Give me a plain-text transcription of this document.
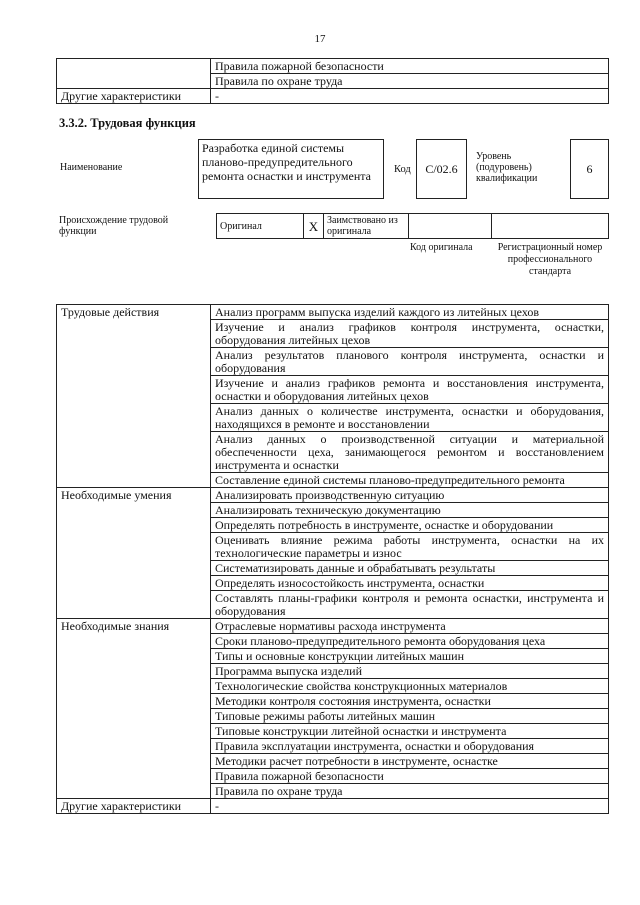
17
	Правила пожарной безопасности
	Правила по охране труда
Другие характеристики	-
3.3.2. Трудовая функция
Наименование
Разработка единой системы планово-предупредительного ремонта оснастки и инструмента	Код	С/02.6
Уровень (подуровень) квалификации
6
Происхождение трудовой функции	Оригинал	Х	Заимствовано из оригинала		
Код оригинала	Регистрационный номер профессионального стандарта
Трудовые действия	Анализ программ выпуска изделий каждого из литейных цехов
	Изучение и анализ графиков контроля инструмента, оснастки, оборудования литейных цехов
	Анализ результатов планового контроля инструмента, оснастки и оборудования
	Изучение и анализ графиков ремонта и восстановления инструмента, оснастки и оборудования литейных цехов
	Анализ данных о количестве инструмента, оснастки и оборудования, находящихся в ремонте и восстановлении
	Анализ данных о производственной ситуации и материальной обеспеченности цеха, занимающегося ремонтом и восстановлением инструмента и оснастки
	Составление единой системы планово-предупредительного ремонта
Необходимые умения	Анализировать производственную ситуацию
	Анализировать техническую документацию
	Определять потребность в инструменте, оснастке и оборудовании
	Оценивать влияние режима работы инструмента, оснастки на их технологические параметры и износ
	Систематизировать данные и обрабатывать результаты
	Определять износостойкость инструмента, оснастки
	Составлять планы-графики контроля и ремонта оснастки, инструмента и оборудования
Необходимые знания	Отраслевые нормативы расхода инструмента
	Сроки планово-предупредительного ремонта оборудования цеха
	Типы и основные конструкции литейных машин
	Программа выпуска изделий
	Технологические свойства конструкционных материалов
	Методики контроля состояния инструмента, оснастки
	Типовые режимы работы литейных машин
	Типовые конструкции литейной оснастки и инструмента
	Правила эксплуатации инструмента, оснастки и оборудования
	Методики расчет потребности в инструменте, оснастке
	Правила пожарной безопасности
	Правила по охране труда
Другие характеристики	-
